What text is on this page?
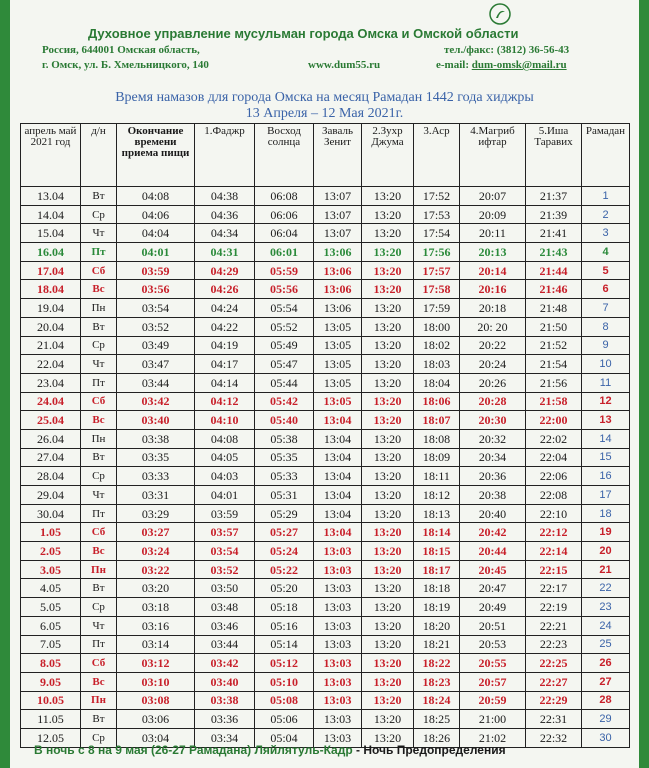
Духовное управление мусульман города Омска и Омской области
Россия, 644001 Омская область,
г. Омск, ул. Б. Хмельницкого, 140	www.dum55.ru
тел./факс: (3812) 36-56-43
e-mail: dum-omsk@mail.ru
Время намазов для города Омска на месяц Рамадан 1442 года хиджры
13 Апреля – 12 Мая 2021г.
апрель май 2021 год	д/н	Окончание времени приема пищи	1.Фаджр	Восход солнца	Заваль Зенит	2.Зухр Джума	3.Аср	4.Магриб ифтар	5.Иша Таравих	Рамадан
13.04	Вт	04:08	04:38	06:08	13:07	13:20	17:52	20:07	21:37	1
14.04	Ср	04:06	04:36	06:06	13:07	13:20	17:53	20:09	21:39	2
15.04	Чт	04:04	04:34	06:04	13:07	13:20	17:54	20:11	21:41	3
16.04	Пт	04:01	04:31	06:01	13:06	13:20	17:56	20:13	21:43	4
17.04	Сб	03:59	04:29	05:59	13:06	13:20	17:57	20:14	21:44	5
18.04	Вс	03:56	04:26	05:56	13:06	13:20	17:58	20:16	21:46	6
19.04	Пн	03:54	04:24	05:54	13:06	13:20	17:59	20:18	21:48	7
20.04	Вт	03:52	04:22	05:52	13:05	13:20	18:00	20: 20	21:50	8
21.04	Ср	03:49	04:19	05:49	13:05	13:20	18:02	20:22	21:52	9
22.04	Чт	03:47	04:17	05:47	13:05	13:20	18:03	20:24	21:54	10
23.04	Пт	03:44	04:14	05:44	13:05	13:20	18:04	20:26	21:56	11
24.04	Сб	03:42	04:12	05:42	13:05	13:20	18:06	20:28	21:58	12
25.04	Вс	03:40	04:10	05:40	13:04	13:20	18:07	20:30	22:00	13
26.04	Пн	03:38	04:08	05:38	13:04	13:20	18:08	20:32	22:02	14
27.04	Вт	03:35	04:05	05:35	13:04	13:20	18:09	20:34	22:04	15
28.04	Ср	03:33	04:03	05:33	13:04	13:20	18:11	20:36	22:06	16
29.04	Чт	03:31	04:01	05:31	13:04	13:20	18:12	20:38	22:08	17
30.04	Пт	03:29	03:59	05:29	13:04	13:20	18:13	20:40	22:10	18
1.05	Сб	03:27	03:57	05:27	13:04	13:20	18:14	20:42	22:12	19
2.05	Вс	03:24	03:54	05:24	13:03	13:20	18:15	20:44	22:14	20
3.05	Пн	03:22	03:52	05:22	13:03	13:20	18:17	20:45	22:15	21
4.05	Вт	03:20	03:50	05:20	13:03	13:20	18:18	20:47	22:17	22
5.05	Ср	03:18	03:48	05:18	13:03	13:20	18:19	20:49	22:19	23
6.05	Чт	03:16	03:46	05:16	13:03	13:20	18:20	20:51	22:21	24
7.05	Пт	03:14	03:44	05:14	13:03	13:20	18:21	20:53	22:23	25
8.05	Сб	03:12	03:42	05:12	13:03	13:20	18:22	20:55	22:25	26
9.05	Вс	03:10	03:40	05:10	13:03	13:20	18:23	20:57	22:27	27
10.05	Пн	03:08	03:38	05:08	13:03	13:20	18:24	20:59	22:29	28
11.05	Вт	03:06	03:36	05:06	13:03	13:20	18:25	21:00	22:31	29
12.05	Ср	03:04	03:34	05:04	13:03	13:20	18:26	21:02	22:32	30
В ночь с 8 на 9 мая (26-27 Рамадана) Ляйлятуль-Кадр - Ночь Предопределения
